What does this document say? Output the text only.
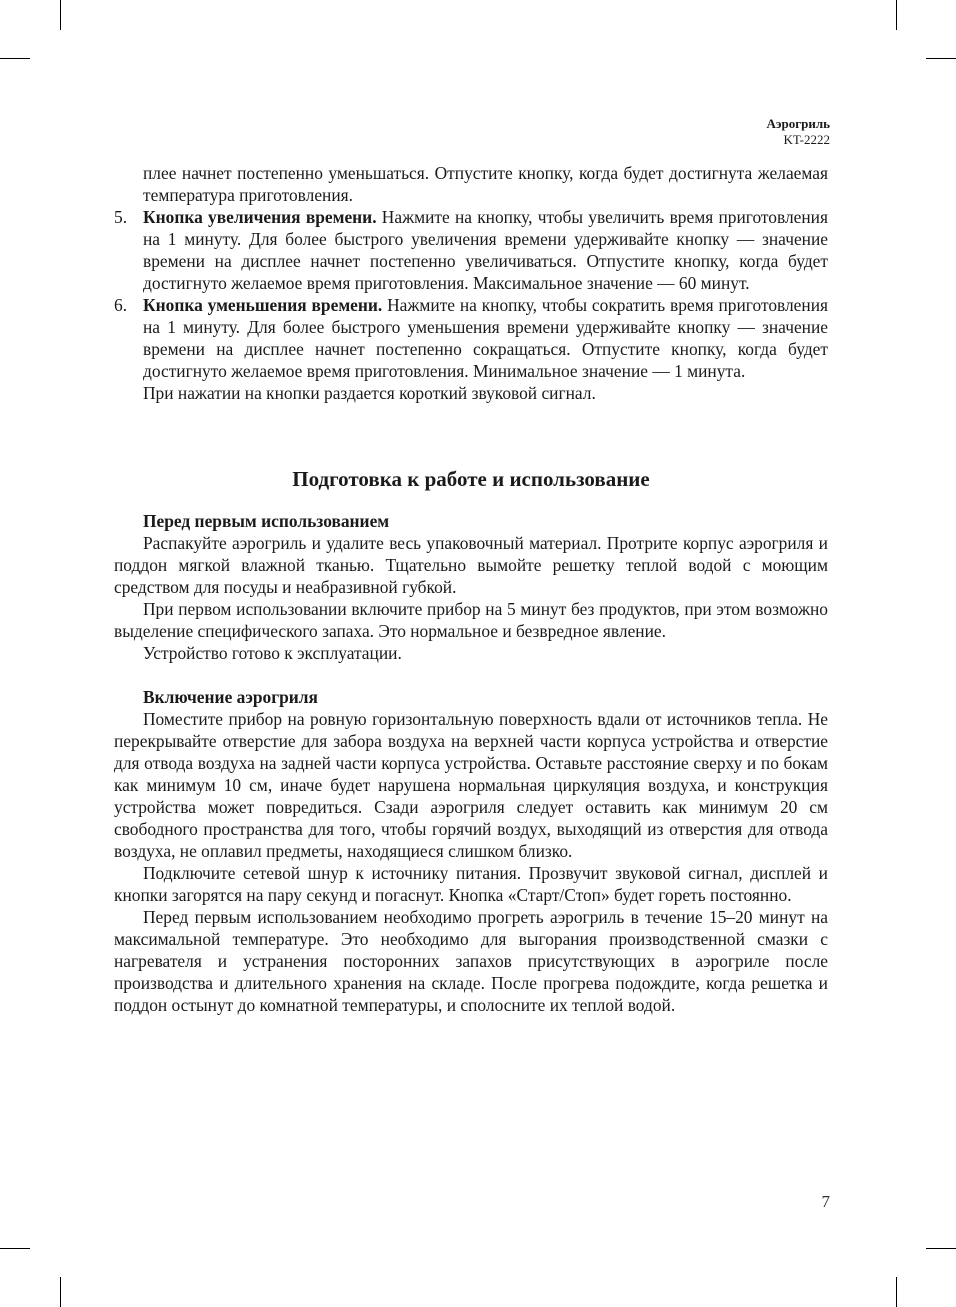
Аэрогриль
KT-2222

плее начнет постепенно уменьшаться. Отпустите кнопку, когда будет достигнута желаемая температура приготовления.

5. Кнопка увеличения времени. Нажмите на кнопку, чтобы увеличить время приготовления на 1 минуту. Для более быстрого увеличения времени удерживайте кнопку — значение времени на дисплее начнет постепенно увеличиваться. Отпустите кнопку, когда будет достигнуто желаемое время приготовления. Максимальное значение — 60 минут.
6. Кнопка уменьшения времени. Нажмите на кнопку, чтобы сократить время приготовления на 1 минуту. Для более быстрого уменьшения времени удерживайте кнопку — значение времени на дисплее начнет постепенно сокращаться. Отпустите кнопку, когда будет достигнуто желаемое время приготовления. Минимальное значение — 1 минута.

При нажатии на кнопки раздается короткий звуковой сигнал.

Подготовка к работе и использование

Перед первым использованием

Распакуйте аэрогриль и удалите весь упаковочный материал. Протрите корпус аэрогриля и поддон мягкой влажной тканью. Тщательно вымойте решетку теплой водой с моющим средством для посуды и неабразивной губкой.

При первом использовании включите прибор на 5 минут без продуктов, при этом возможно выделение специфического запаха. Это нормальное и безвредное явление.

Устройство готово к эксплуатации.

Включение аэрогриля

Поместите прибор на ровную горизонтальную поверхность вдали от источников тепла. Не перекрывайте отверстие для забора воздуха на верхней части корпуса устройства и отверстие для отвода воздуха на задней части корпуса устройства. Оставьте расстояние сверху и по бокам как минимум 10 см, иначе будет нарушена нормальная циркуляция воздуха, и конструкция устройства может повредиться. Сзади аэрогриля следует оставить как минимум 20 см свободного пространства для того, чтобы горячий воздух, выходящий из отверстия для отвода воздуха, не оплавил предметы, находящиеся слишком близко.

Подключите сетевой шнур к источнику питания. Прозвучит звуковой сигнал, дисплей и кнопки загорятся на пару секунд и погаснут. Кнопка «Старт/Стоп» будет гореть постоянно.

Перед первым использованием необходимо прогреть аэрогриль в течение 15–20 минут на максимальной температуре. Это необходимо для выгорания производственной смазки с нагревателя и устранения посторонних запахов присутствующих в аэрогриле после производства и длительного хранения на складе. После прогрева подождите, когда решетка и поддон остынут до комнатной температуры, и сполосните их теплой водой.

7
